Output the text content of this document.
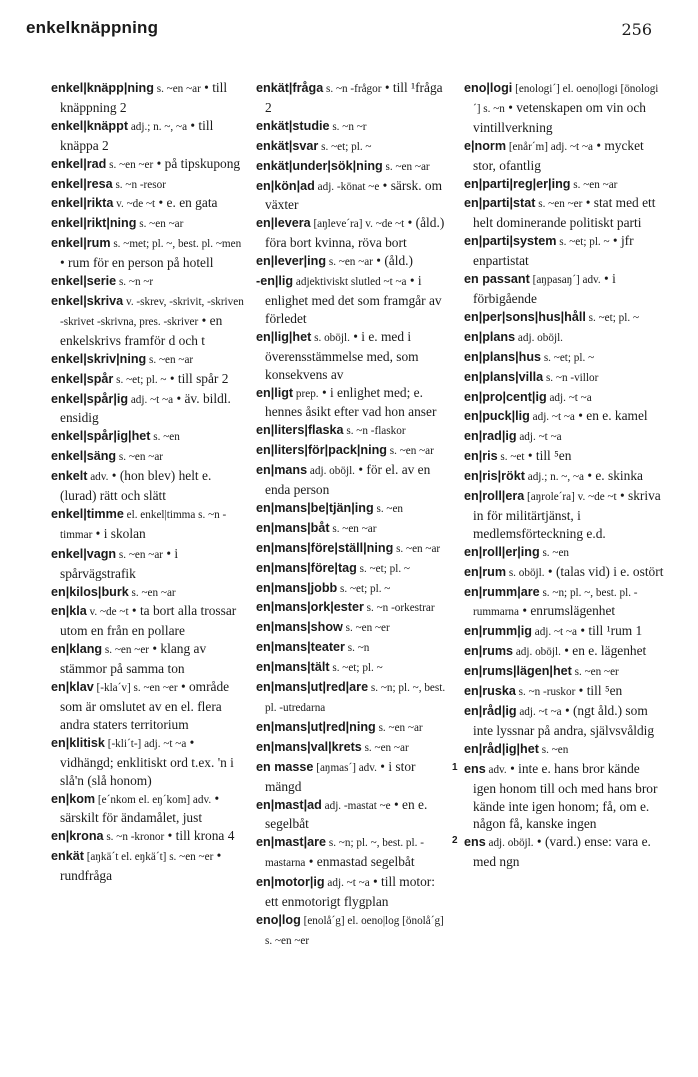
enkelknäppning	256
enkel|knäpp|ning s. ~en ~ar • till knäppning 2
enkel|knäppt adj.; n. ~, ~a • till knäppa 2
enkel|rad s. ~en ~er • på tipskupong
enkel|resa s. ~n -resor
enkel|rikta v. ~de ~t • e. en gata
enkel|rikt|ning s. ~en ~ar
enkel|rum s. ~met; pl. ~, best. pl. ~men • rum för en person på hotell
enkel|serie s. ~n ~r
enkel|skriva v. -skrev, -skrivit, -skriven -skrivet -skrivna, pres. -skriver • en enkelskrivs framför d och t
enkel|skriv|ning s. ~en ~ar
enkel|spår s. ~et; pl. ~ • till spår 2
enkel|spår|ig adj. ~t ~a • äv. bildl. ensidig
enkel|spår|ig|het s. ~en
enkel|säng s. ~en ~ar
enkelt adv. • (hon blev) helt e. (lurad) rätt och slätt
enkel|timme el. enkel|timma s. ~n -timmar • i skolan
enkel|vagn s. ~en ~ar • i spårvägstrafik
en|kilos|burk s. ~en ~ar
en|kla v. ~de ~t • ta bort alla trossar utom en från en pollare
en|klang s. ~en ~er • klang av stämmor på samma ton
en|klav [-kla´v] s. ~en ~er • område som är omslutet av en el. flera andra staters territorium
en|klitisk [-kli´t-] adj. ~t ~a • vidhängd; enklitiskt ord t.ex. 'n i slå'n (slå honom)
en|kom [e´nkom el. eŋ´kom] adv. • särskilt för ändamålet, just
en|krona s. ~n -kronor • till krona 4
enkät [aŋkä´t el. eŋkä´t] s. ~en ~er • rundfråga
enkät|fråga s. ~n -frågor • till ¹fråga 2
enkät|studie s. ~n ~r
enkät|svar s. ~et; pl. ~
enkät|under|sök|ning s. ~en ~ar
en|kön|ad adj. -könat ~e • särsk. om växter
en|levera [aŋleve´ra] v. ~de ~t • (åld.) föra bort kvinna, röva bort
en|lever|ing s. ~en ~ar • (åld.)
-en|lig adjektiviskt slutled ~t ~a • i enlighet med det som framgår av förledet
en|lig|het s. oböjl. • i e. med i överensstämmelse med, som konsekvens av
en|ligt prep. • i enlighet med; e. hennes åsikt efter vad hon anser
en|liters|flaska s. ~n -flaskor
en|liters|för|pack|ning s. ~en ~ar
en|mans adj. oböjl. • för el. av en enda person
en|mans|be|tjän|ing s. ~en
en|mans|båt s. ~en ~ar
en|mans|före|ställ|ning s. ~en ~ar
en|mans|före|tag s. ~et; pl. ~
en|mans|jobb s. ~et; pl. ~
en|mans|ork|ester s. ~n -orkestrar
en|mans|show s. ~en ~er
en|mans|teater s. ~n
en|mans|tält s. ~et; pl. ~
en|mans|ut|red|are s. ~n; pl. ~, best. pl. -utredarna
en|mans|ut|red|ning s. ~en ~ar
en|mans|val|krets s. ~en ~ar
en masse [aŋmas´] adv. • i stor mängd
en|mast|ad adj. -mastat ~e • en e. segelbåt
en|mast|are s. ~n; pl. ~, best. pl. -mastarna • enmastad segelbåt
en|motor|ig adj. ~t ~a • till motor: ett enmotorigt flygplan
eno|log [enolå´g] el. oeno|log [önolå´g] s. ~en ~er
eno|logi [enologi´] el. oeno|logi [önologi´] s. ~n • vetenskapen om vin och vintillverkning
e|norm [enår´m] adj. ~t ~a • mycket stor, ofantlig
en|parti|reg|er|ing s. ~en ~ar
en|parti|stat s. ~en ~er • stat med ett helt dominerande politiskt parti
en|parti|system s. ~et; pl. ~ • jfr enpartistat
en passant [aŋpasaŋ´] adv. • i förbigående
en|per|sons|hus|håll s. ~et; pl. ~
en|plans adj. oböjl.
en|plans|hus s. ~et; pl. ~
en|plans|villa s. ~n -villor
en|pro|cent|ig adj. ~t ~a
en|puck|lig adj. ~t ~a • en e. kamel
en|rad|ig adj. ~t ~a
en|ris s. ~et • till ⁵en
en|ris|rökt adj.; n. ~, ~a • e. skinka
en|roll|era [aŋrole´ra] v. ~de ~t • skriva in för militärtjänst, i medlemsförteckning e.d.
en|roll|er|ing s. ~en
en|rum s. oböjl. • (talas vid) i e. ostört
en|rumm|are s. ~n; pl. ~, best. pl. -rummarna • enrumslägenhet
en|rumm|ig adj. ~t ~a • till ¹rum 1
en|rums adj. oböjl. • en e. lägenhet
en|rums|lägen|het s. ~en ~er
en|ruska s. ~n -ruskor • till ⁵en
en|råd|ig adj. ~t ~a • (ngt åld.) som inte lyssnar på andra, självsvåldig
en|råd|ig|het s. ~en
1 ens adv. • inte e. hans bror kände igen honom till och med hans bror kände inte igen honom; få, om e. någon få, kanske ingen
2 ens adj. oböjl. • (vard.) ense: vara e. med ngn
